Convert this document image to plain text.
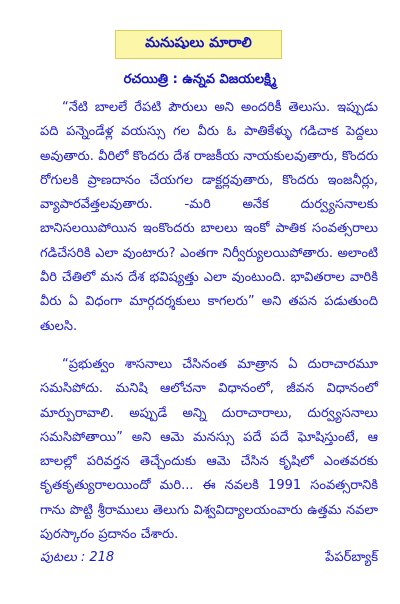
మనుషులు మారాలి
రచయిత్రి : ఉన్నవ విజయలక్ష్మి

“నేటి బాలలే రేపటి పౌరులు అని అందరికీ తెలుసు. ఇప్పుడు పది పన్నెండేళ్ల వయస్సు గల వీరు ఓ పాతికేళ్ళు గడిచాక పెద్దలు అవుతారు. వీరిలో కొందరు దేశ రాజకీయ నాయకులవుతారు, కొందరు రోగులకి ప్రాణదానం చేయగల డాక్టర్లవుతారు, కొందరు ఇంజనీర్లు, వ్యాపారవేత్తలవుతారు. -మరి అనేక దుర్వ్యసనాలకు బానిసలయిపోయిన ఇంకొందరు బాలలు ఇంకో పాతిక సంవత్సరాలు గడిచేసరికి ఎలా వుంటారు? ఎంతగా నిర్వీర్యులయిపోతారు. అలాంటి వీరి చేతిలో మన దేశ భవిష్యత్తు ఎలా వుంటుంది. భావితరాల వారికి వీరు ఏ విధంగా మార్గదర్శకులు కాగలరు” అని తపన పడుతుంది తులసి.

“ప్రభుత్వం శాసనాలు చేసినంత మాత్రాన ఏ దురాచారమూ సమసిపోదు. మనిషి ఆలోచనా విధానంలో, జీవన విధానంలో మార్పురావాలి. అప్పుడే అన్ని దురాచారాలు, దుర్వ్యసనాలు సమసిపోతాయి” అని ఆమె మనస్సు పదే పదే ఘోషిస్తుంటే, ఆ బాలల్లో పరివర్తన తెచ్చేందుకు ఆమె చేసిన కృషిలో ఎంతవరకు కృతకృత్యురాలయిందో మరి... ఈ నవలకి 1991 సంవత్సరానికి గాను పొట్టి శ్రీరాములు తెలుగు విశ్వవిద్యాలయంవారు ఉత్తమ నవలా పురస్కారం ప్రదానం చేశారు.

పుటలు : 218	పేపర్‌బ్యాక్
